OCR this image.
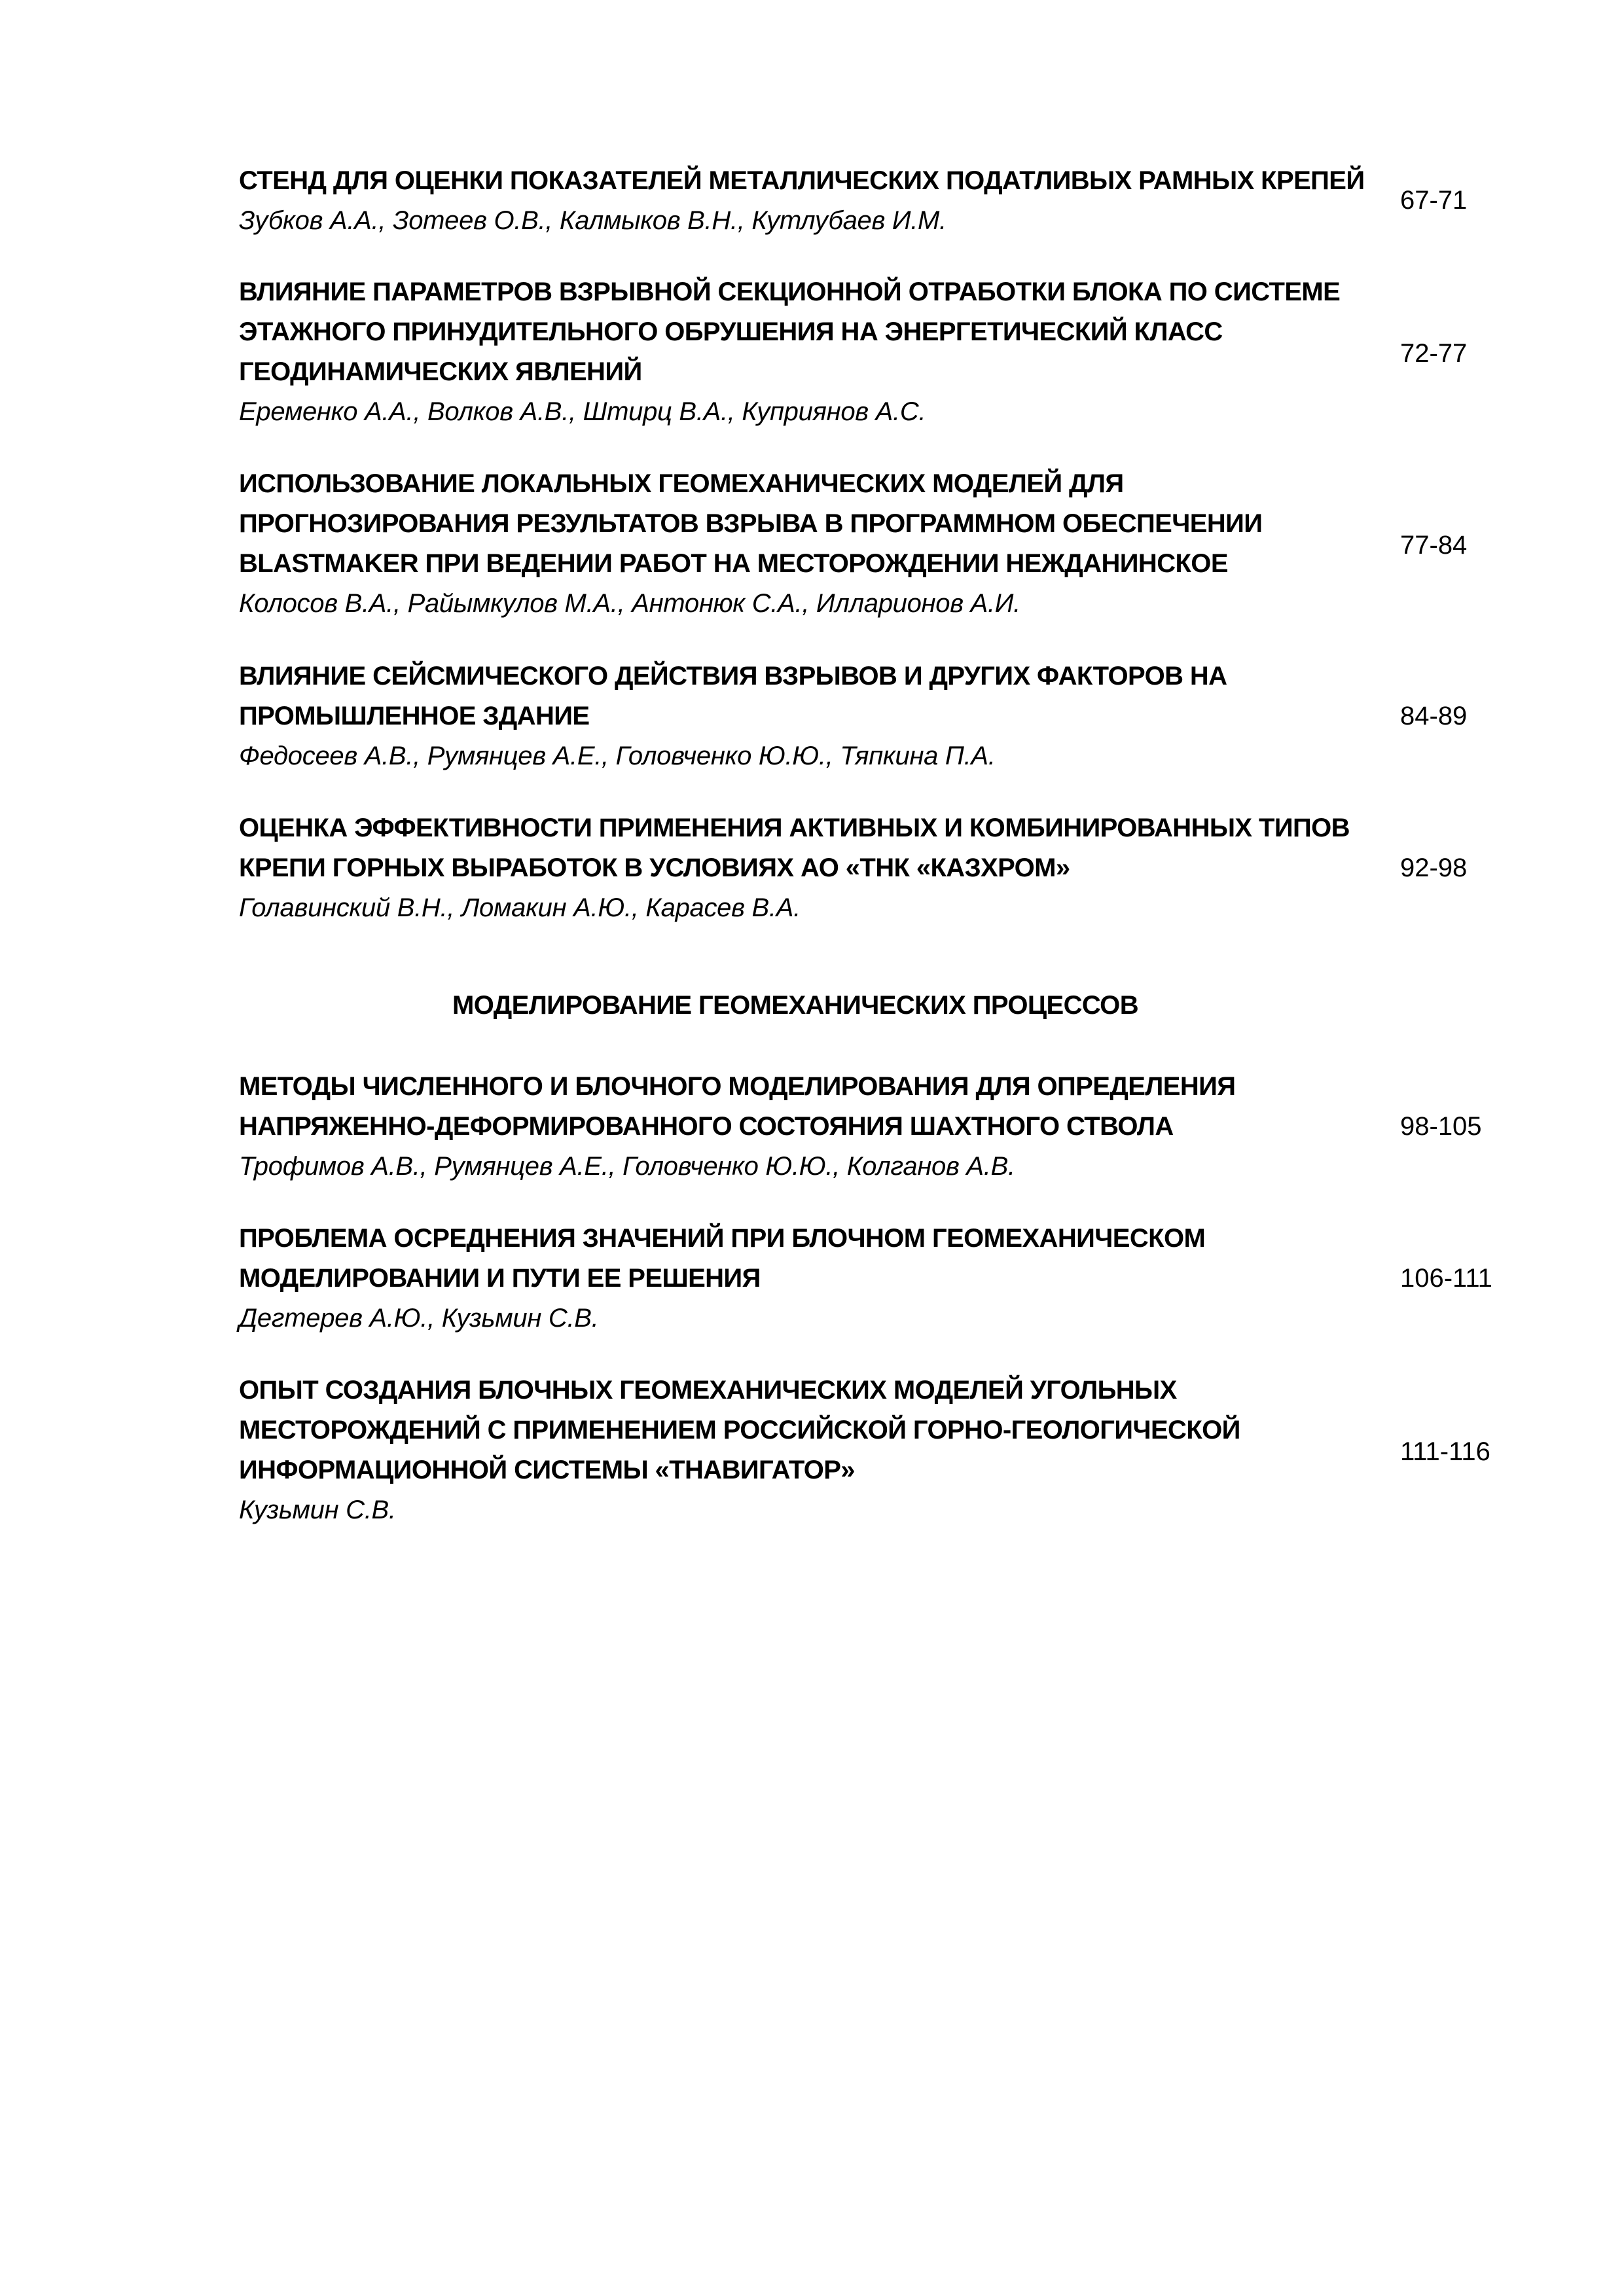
СТЕНД ДЛЯ ОЦЕНКИ ПОКАЗАТЕЛЕЙ МЕТАЛЛИЧЕСКИХ ПОДАТЛИВЫХ РАМНЫХ КРЕПЕЙ
Зубков А.А., Зотеев О.В., Калмыков В.Н., Кутлубаев И.М.
67-71
ВЛИЯНИЕ ПАРАМЕТРОВ ВЗРЫВНОЙ СЕКЦИОННОЙ ОТРАБОТКИ БЛОКА ПО СИСТЕМЕ
ЭТАЖНОГО ПРИНУДИТЕЛЬНОГО ОБРУШЕНИЯ НА ЭНЕРГЕТИЧЕСКИЙ КЛАСС
ГЕОДИНАМИЧЕСКИХ ЯВЛЕНИЙ
Еременко А.А., Волков А.В., Штирц В.А., Куприянов А.С.
72-77
ИСПОЛЬЗОВАНИЕ ЛОКАЛЬНЫХ ГЕОМЕХАНИЧЕСКИХ МОДЕЛЕЙ ДЛЯ
ПРОГНОЗИРОВАНИЯ РЕЗУЛЬТАТОВ ВЗРЫВА В ПРОГРАММНОМ ОБЕСПЕЧЕНИИ
BLASTMAKER ПРИ ВЕДЕНИИ РАБОТ НА МЕСТОРОЖДЕНИИ НЕЖДАНИНСКОЕ
Колосов В.А., Райымкулов М.А., Антонюк С.А., Илларионов А.И.
77-84
ВЛИЯНИЕ СЕЙСМИЧЕСКОГО ДЕЙСТВИЯ ВЗРЫВОВ И ДРУГИХ ФАКТОРОВ НА
ПРОМЫШЛЕННОЕ ЗДАНИЕ
Федосеев А.В., Румянцев А.Е., Головченко Ю.Ю., Тяпкина П.А.
84-89
ОЦЕНКА ЭФФЕКТИВНОСТИ ПРИМЕНЕНИЯ АКТИВНЫХ И КОМБИНИРОВАННЫХ ТИПОВ
КРЕПИ ГОРНЫХ ВЫРАБОТОК В УСЛОВИЯХ АО «ТНК «КАЗХРОМ»
Голавинский В.Н., Ломакин А.Ю., Карасев В.А.
92-98
МОДЕЛИРОВАНИЕ ГЕОМЕХАНИЧЕСКИХ ПРОЦЕССОВ
МЕТОДЫ ЧИСЛЕННОГО И БЛОЧНОГО МОДЕЛИРОВАНИЯ ДЛЯ ОПРЕДЕЛЕНИЯ
НАПРЯЖЕННО-ДЕФОРМИРОВАННОГО СОСТОЯНИЯ ШАХТНОГО СТВОЛА
Трофимов А.В., Румянцев А.Е., Головченко Ю.Ю., Колганов А.В.
98-105
ПРОБЛЕМА ОСРЕДНЕНИЯ ЗНАЧЕНИЙ ПРИ БЛОЧНОМ ГЕОМЕХАНИЧЕСКОМ
МОДЕЛИРОВАНИИ И ПУТИ ЕЕ РЕШЕНИЯ
Дегтерев А.Ю., Кузьмин С.В.
106-111
ОПЫТ СОЗДАНИЯ БЛОЧНЫХ ГЕОМЕХАНИЧЕСКИХ МОДЕЛЕЙ УГОЛЬНЫХ
МЕСТОРОЖДЕНИЙ С ПРИМЕНЕНИЕМ РОССИЙСКОЙ ГОРНО-ГЕОЛОГИЧЕСКОЙ
ИНФОРМАЦИОННОЙ СИСТЕМЫ «ТНАВИГАТОР»
Кузьмин С.В.
111-116
